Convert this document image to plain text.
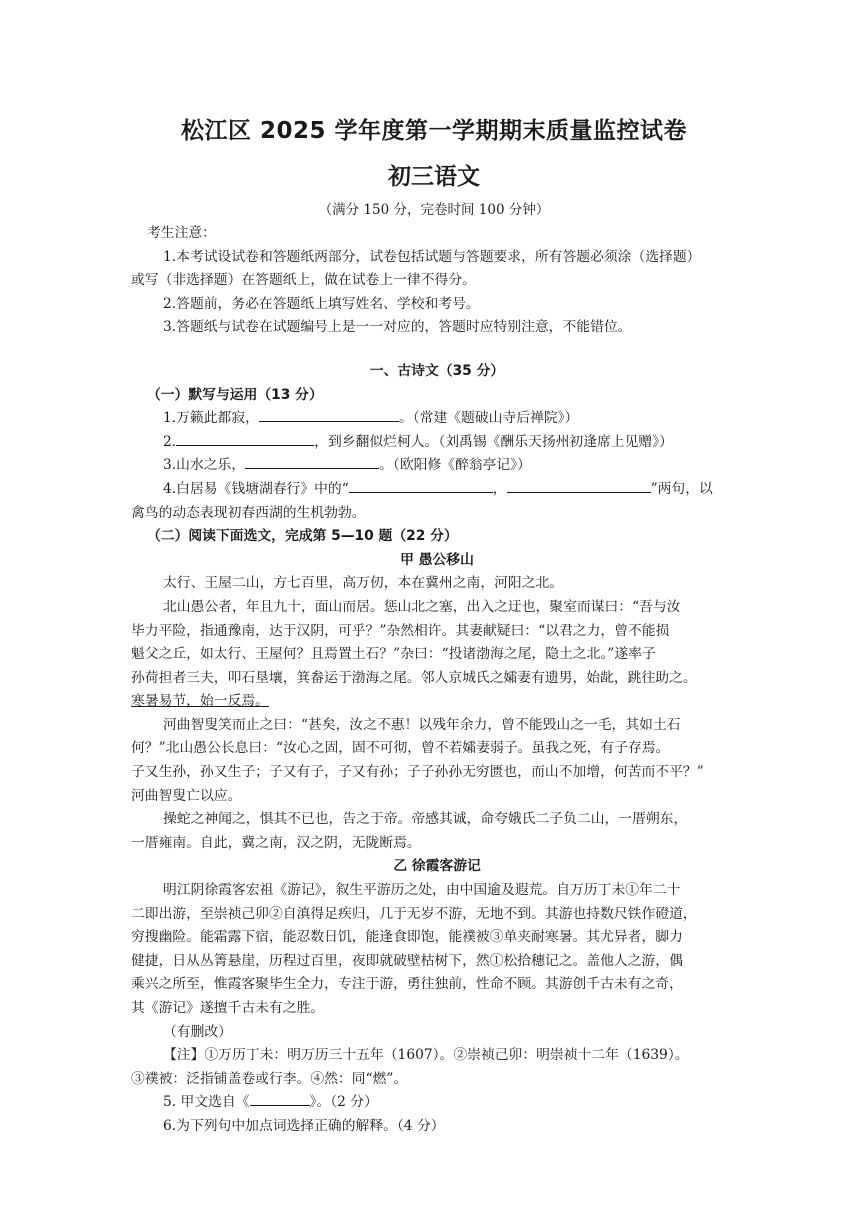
松江区 2025 学年度第一学期期末质量监控试卷
初三语文
（满分 150 分，完卷时间 100 分钟）
考生注意：
1.本考试设试卷和答题纸两部分，试卷包括试题与答题要求，所有答题必须涂（选择题）
或写（非选择题）在答题纸上，做在试卷上一律不得分。
2.答题前，务必在答题纸上填写姓名、学校和考号。
3.答题纸与试卷在试题编号上是一一对应的，答题时应特别注意，不能错位。
一、古诗文（35 分）
（一）默写与运用（13 分）
1.万籁此都寂，	。（常建《题破山寺后禅院》）
2.	，到乡翻似烂柯人。（刘禹锡《酬乐天扬州初逢席上见赠》）
3.山水之乐，	。（欧阳修《醉翁亭记》）
4.白居易《钱塘湖春行》中的“	，	”两句，以
禽鸟的动态表现初春西湖的生机勃勃。
（二）阅读下面选文，完成第 5—10 题（22 分）
甲 愚公移山
太行、王屋二山，方七百里，高万仞，本在冀州之南，河阳之北。
北山愚公者，年且九十，面山而居。惩山北之塞，出入之迂也，聚室而谋曰：“吾与汝
毕力平险，指通豫南，达于汉阴，可乎？”杂然相许。其妻献疑曰：“以君之力，曾不能损
魁父之丘，如太行、王屋何？且焉置土石？”杂曰：“投诸渤海之尾，隐土之北。”遂率子
孙荷担者三夫，叩石垦壤，箕畚运于渤海之尾。邻人京城氏之孀妻有遗男，始龀，跳往助之。
寒暑易节，始一反焉。
河曲智叟笑而止之曰：“甚矣，汝之不惠！以残年余力，曾不能毁山之一毛，其如土石
何？”北山愚公长息曰：“汝心之固，固不可彻，曾不若孀妻弱子。虽我之死，有子存焉。
子又生孙，孙又生子；子又有子，子又有孙；子子孙孙无穷匮也，而山不加增，何苦而不平？”
河曲智叟亡以应。
操蛇之神闻之，惧其不已也，告之于帝。帝感其诚，命夸娥氏二子负二山，一厝朔东，
一厝雍南。自此，冀之南，汉之阴，无陇断焉。
乙 徐霞客游记
明江阴徐霞客宏祖《游记》，叙生平游历之处，由中国逾及遐荒。自万历丁未①年二十
二即出游，至崇祯己卯②自滇得足疾归，几于无岁不游，无地不到。其游也持数尺铁作磴道，
穷搜幽险。能霜露下宿，能忍数日饥，能逢食即饱，能襆被③单夹耐寒暑。其尤异者，脚力
健捷，日从丛箐悬崖，历程过百里，夜即就破壁枯树下，然①松拾穗记之。盖他人之游，偶
乘兴之所至，惟霞客聚毕生全力，专注于游，勇往独前，性命不顾。其游创千古未有之奇，
其《游记》遂擅千古未有之胜。
（有删改）
【注】①万历丁未：明万历三十五年（1607）。②崇祯己卯：明崇祯十二年（1639）。
③襆被：泛指铺盖卷或行李。④然：同“燃”。
5. 甲文选自《	》。（2 分）
6.为下列句中加点词选择正确的解释。（4 分）
